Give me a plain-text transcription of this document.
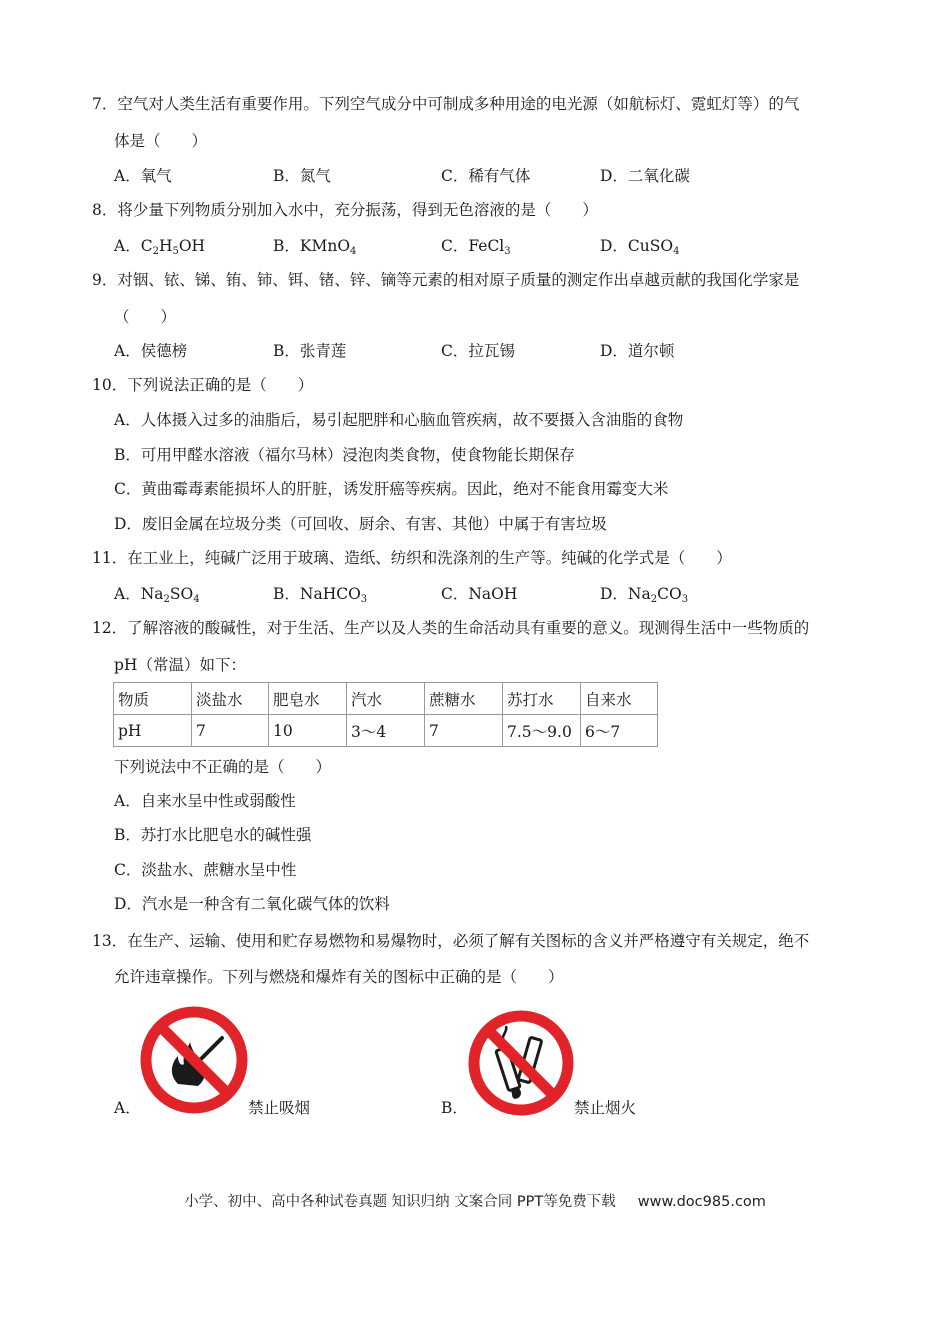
7．空气对人类生活有重要作用。下列空气成分中可制成多种用途的电光源（如航标灯、霓虹灯等）的气
体是（　　）
A．氧气	B．氮气	C．稀有气体	D．二氧化碳
8．将少量下列物质分别加入水中，充分振荡，得到无色溶液的是（　　）
A．$C_2H_5OH$	B．KMnO$_4$	C．FeCl$_3$	D．CuSO$_4$
9．对铟、铱、锑、铕、铈、铒、锗、锌、镝等元素的相对原子质量的测定作出卓越贡献的我国化学家是
（　　）
A．侯德榜	B．张青莲	C．拉瓦锡	D．道尔顿
10．下列说法正确的是（　　）
A．人体摄入过多的油脂后，易引起肥胖和心脑血管疾病，故不要摄入含油脂的食物
B．可用甲醛水溶液（福尔马林）浸泡肉类食物，使食物能长期保存
C．黄曲霉毒素能损坏人的肝脏，诱发肝癌等疾病。因此，绝对不能食用霉变大米
D．废旧金属在垃圾分类（可回收、厨余、有害、其他）中属于有害垃圾
11．在工业上，纯碱广泛用于玻璃、造纸、纺织和洗涤剂的生产等。纯碱的化学式是（　　）
A．$Na_2SO_4$	B．NaHCO$_3$	C．NaOH	D．$Na_2CO_3$
12．了解溶液的酸碱性，对于生活、生产以及人类的生命活动具有重要的意义。现测得生活中一些物质的
pH（常温）如下：
物质	淡盐水	肥皂水	汽水	蔗糖水	苏打水	自来水
pH	7	10	3～4	7	7.5～9.0	6～7
下列说法中不正确的是（　　）
A．自来水呈中性或弱酸性
B．苏打水比肥皂水的碱性强
C．淡盐水、蔗糖水呈中性
D．汽水是一种含有二氧化碳气体的饮料
13．在生产、运输、使用和贮存易燃物和易爆物时，必须了解有关图标的含义并严格遵守有关规定，绝不
允许违章操作。下列与燃烧和爆炸有关的图标中正确的是（　　）
A．	禁止吸烟	B．	禁止烟火
小学、初中、高中各种试卷真题 知识归纳 文案合同 PPT等免费下载 www.doc985.com
